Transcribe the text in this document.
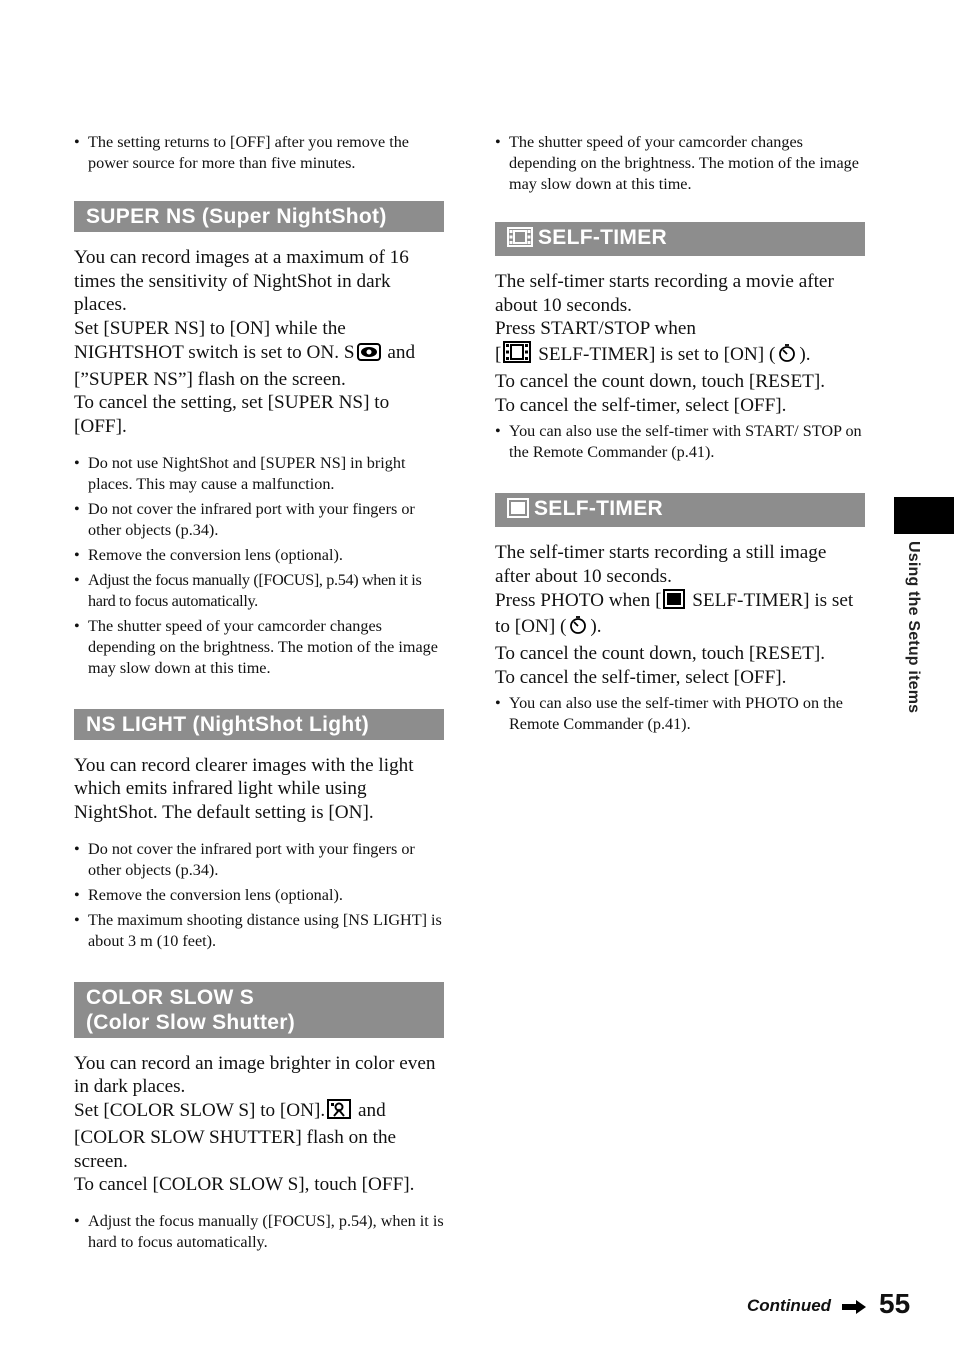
• The setting returns to [OFF] after you remove the power source for more than five minutes.
SUPER NS (Super NightShot)

You can record images at a maximum of 16 times the sensitivity of NightShot in dark places.

Set [SUPER NS] to [ON] while the NIGHTSHOT switch is set to ON. S and [”SUPER NS”] flash on the screen.

To cancel the setting, set [SUPER NS] to [OFF].

• Do not use NightShot and [SUPER NS] in bright places. This may cause a malfunction.
• Do not cover the infrared port with your fingers or other objects (p.34).
• Remove the conversion lens (optional).
• Adjust the focus manually ([FOCUS], p.54) when it is hard to focus automatically.
• The shutter speed of your camcorder changes depending on the brightness. The motion of the image may slow down at this time.
NS LIGHT (NightShot Light)

You can record clearer images with the light which emits infrared light while using NightShot. The default setting is [ON].

• Do not cover the infrared port with your fingers or other objects (p.34).
• Remove the conversion lens (optional).
• The maximum shooting distance using [NS LIGHT] is about 3 m (10 feet).
COLOR SLOW S
(Color Slow Shutter)

You can record an image brighter in color even in dark places.

Set [COLOR SLOW S] to [ON]. and [COLOR SLOW SHUTTER] flash on the screen.

To cancel [COLOR SLOW S], touch [OFF].

• Adjust the focus manually ([FOCUS], p.54), when it is hard to focus automatically.
• The shutter speed of your camcorder changes depending on the brightness. The motion of the image may slow down at this time.
SELF-TIMER

The self-timer starts recording a movie after about 10 seconds.

Press START/STOP when

[ SELF-TIMER] is set to [ON] ( ).

To cancel the count down, touch [RESET].

To cancel the self-timer, select [OFF].

• You can also use the self-timer with START/ STOP on the Remote Commander (p.41).
SELF-TIMER

The self-timer starts recording a still image after about 10 seconds.

Press PHOTO when [ SELF-TIMER] is set to [ON] ( ).

To cancel the count down, touch [RESET].

To cancel the self-timer, select [OFF].

• You can also use the self-timer with PHOTO on the Remote Commander (p.41).
Using the Setup items
Continued 55
